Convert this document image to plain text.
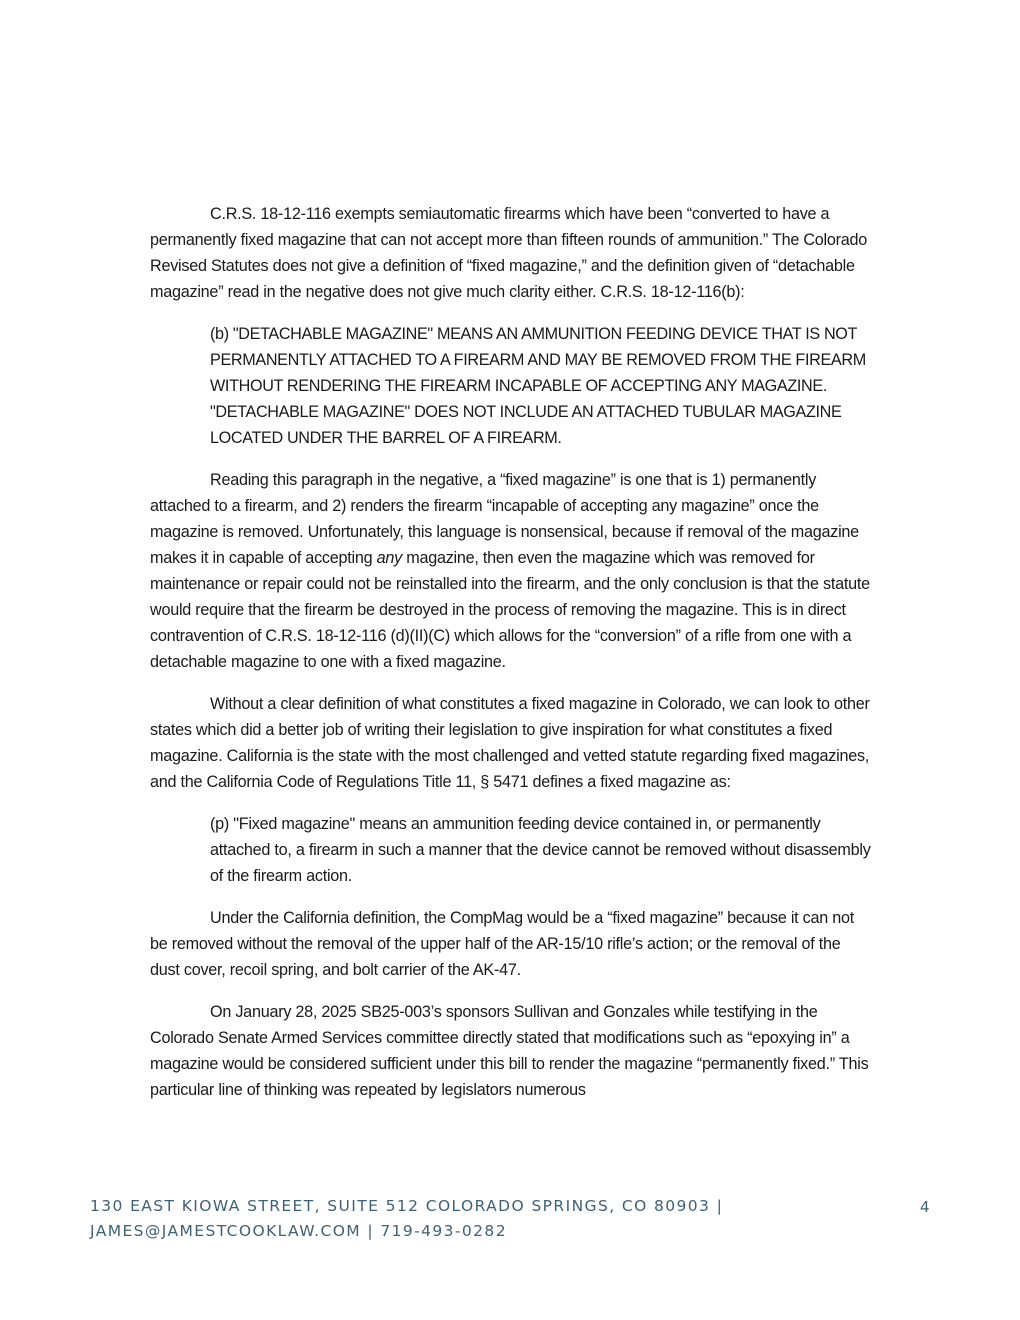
C.R.S. 18-12-116 exempts semiautomatic firearms which have been “converted to have a permanently fixed magazine that can not accept more than fifteen rounds of ammunition.” The Colorado Revised Statutes does not give a definition of “fixed magazine,” and the definition given of “detachable magazine” read in the negative does not give much clarity either. C.R.S. 18-12-116(b):

(b) "DETACHABLE MAGAZINE" MEANS AN AMMUNITION FEEDING DEVICE THAT IS NOT PERMANENTLY ATTACHED TO A FIREARM AND MAY BE REMOVED FROM THE FIREARM WITHOUT RENDERING THE FIREARM INCAPABLE OF ACCEPTING ANY MAGAZINE. "DETACHABLE MAGAZINE" DOES NOT INCLUDE AN ATTACHED TUBULAR MAGAZINE LOCATED UNDER THE BARREL OF A FIREARM.

Reading this paragraph in the negative, a “fixed magazine” is one that is 1) permanently attached to a firearm, and 2) renders the firearm “incapable of accepting any magazine” once the magazine is removed. Unfortunately, this language is nonsensical, because if removal of the magazine makes it in capable of accepting any magazine, then even the magazine which was removed for maintenance or repair could not be reinstalled into the firearm, and the only conclusion is that the statute would require that the firearm be destroyed in the process of removing the magazine. This is in direct contravention of C.R.S. 18-12-116 (d)(II)(C) which allows for the “conversion” of a rifle from one with a detachable magazine to one with a fixed magazine.

Without a clear definition of what constitutes a fixed magazine in Colorado, we can look to other states which did a better job of writing their legislation to give inspiration for what constitutes a fixed magazine. California is the state with the most challenged and vetted statute regarding fixed magazines, and the California Code of Regulations Title 11, § 5471 defines a fixed magazine as:

(p) "Fixed magazine" means an ammunition feeding device contained in, or permanently attached to, a firearm in such a manner that the device cannot be removed without disassembly of the firearm action.

Under the California definition, the CompMag would be a “fixed magazine” because it can not be removed without the removal of the upper half of the AR-15/10 rifle’s action; or the removal of the dust cover, recoil spring, and bolt carrier of the AK-47.

On January 28, 2025 SB25-003’s sponsors Sullivan and Gonzales while testifying in the Colorado Senate Armed Services committee directly stated that modifications such as “epoxying in” a magazine would be considered sufficient under this bill to render the magazine “permanently fixed.” This particular line of thinking was repeated by legislators numerous

130 EAST KIOWA STREET, SUITE 512 COLORADO SPRINGS, CO 80903 |
JAMES@JAMESTCOOKLAW.COM | 719-493-0282
4
